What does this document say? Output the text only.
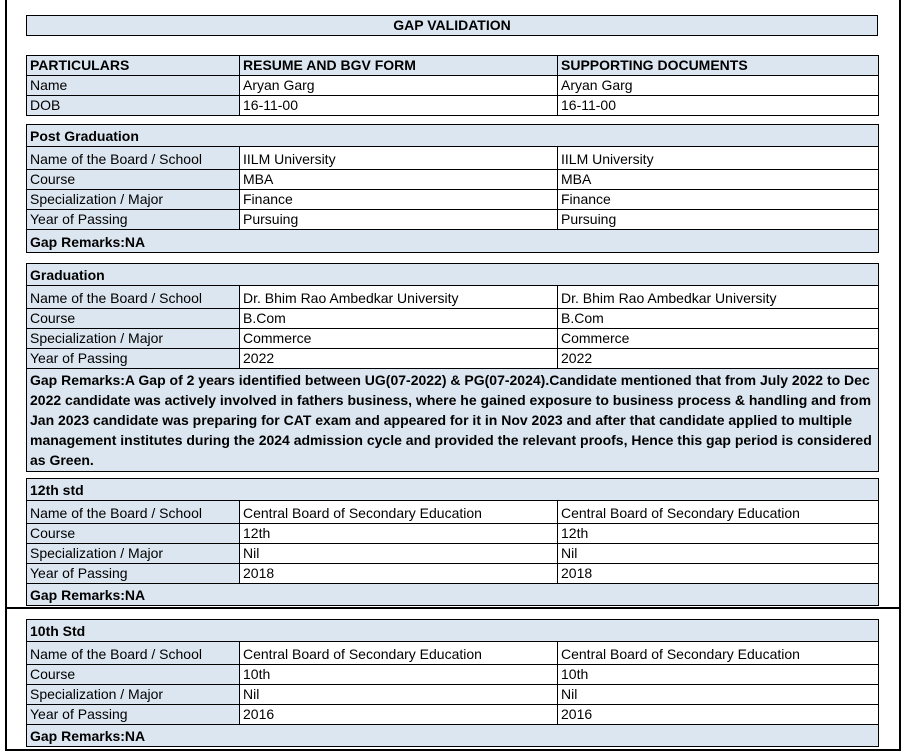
GAP VALIDATION
PARTICULARS	RESUME AND BGV FORM	SUPPORTING DOCUMENTS
Name	Aryan Garg	Aryan Garg
DOB	16-11-00	16-11-00
Post Graduation		
Name of the Board / School	IILM University	IILM University
Course	MBA	MBA
Specialization / Major	Finance	Finance
Year of Passing	Pursuing	Pursuing
Gap Remarks:NA		
Graduation		
Name of the Board / School	Dr. Bhim Rao Ambedkar University	Dr. Bhim Rao Ambedkar University
Course	B.Com	B.Com
Specialization / Major	Commerce	Commerce
Year of Passing	2022	2022
Gap Remarks:A Gap of 2 years identified between UG(07-2022) & PG(07-2024).Candidate mentioned that from July 2022 to Dec 2022 candidate was actively involved in fathers business, where he gained exposure to business process & handling and from Jan 2023 candidate was preparing for CAT exam and appeared for it in Nov 2023 and after that candidate applied to multiple management institutes during the 2024 admission cycle and provided the relevant proofs, Hence this gap period is considered as Green.		
12th std		
Name of the Board / School	Central Board of Secondary Education	Central Board of Secondary Education
Course	12th	12th
Specialization / Major	Nil	Nil
Year of Passing	2018	2018
Gap Remarks:NA		
10th Std		
Name of the Board / School	Central Board of Secondary Education	Central Board of Secondary Education
Course	10th	10th
Specialization / Major	Nil	Nil
Year of Passing	2016	2016
Gap Remarks:NA		
